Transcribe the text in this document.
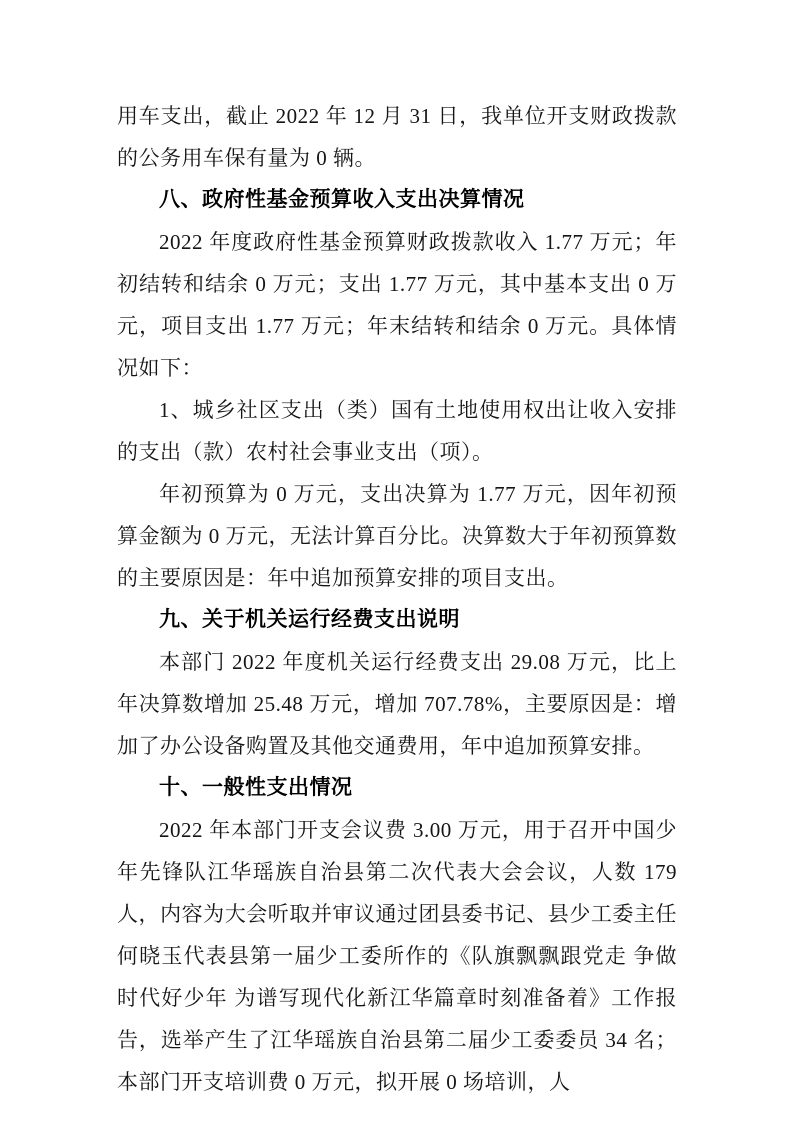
用车支出，截止 2022 年 12 月 31 日，我单位开支财政拨款的公务用车保有量为 0 辆。

八、政府性基金预算收入支出决算情况

2022 年度政府性基金预算财政拨款收入 1.77 万元；年初结转和结余 0 万元；支出 1.77 万元，其中基本支出 0 万元，项目支出 1.77 万元；年末结转和结余 0 万元。具体情况如下：

1、城乡社区支出（类）国有土地使用权出让收入安排的支出（款）农村社会事业支出（项）。

年初预算为 0 万元，支出决算为 1.77 万元，因年初预算金额为 0 万元，无法计算百分比。决算数大于年初预算数的主要原因是：年中追加预算安排的项目支出。

九、关于机关运行经费支出说明

本部门 2022 年度机关运行经费支出 29.08 万元，比上年决算数增加 25.48 万元，增加 707.78%，主要原因是：增加了办公设备购置及其他交通费用，年中追加预算安排。

十、一般性支出情况

2022 年本部门开支会议费 3.00 万元，用于召开中国少年先锋队江华瑶族自治县第二次代表大会会议，人数 179 人，内容为大会听取并审议通过团县委书记、县少工委主任何晓玉代表县第一届少工委所作的《队旗飘飘跟党走 争做时代好少年 为谱写现代化新江华篇章时刻准备着》工作报告，选举产生了江华瑶族自治县第二届少工委委员 34 名；本部门开支培训费 0 万元，拟开展 0 场培训，人
